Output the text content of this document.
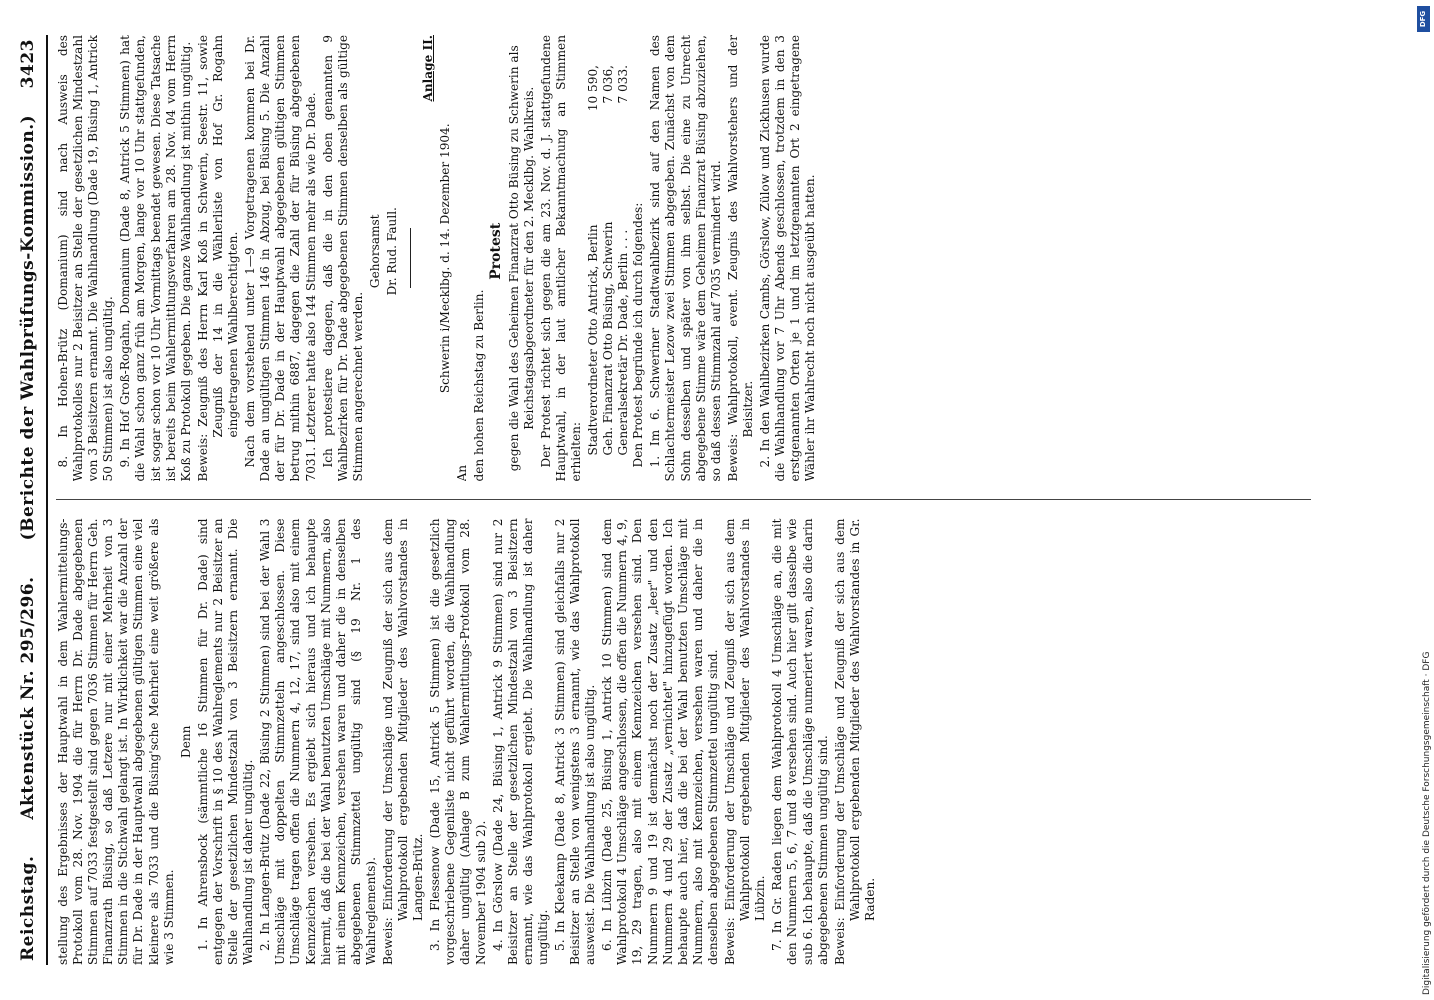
Reichstag.
Aktenstück Nr. 295/296.
(Berichte der Wahlprüfungs-Kommission.)
3423

stellung des Ergebnisses der Hauptwahl in dem Wahlermittelungs-Protokoll vom 28. Nov. 1904 die für Herrn Dr. Dade abgegebenen Stimmen auf 7033 festgestellt sind gegen 7036 Stimmen für Herrn Geh. Finanzrath Büsing, so daß Letzere nur mit einer Mehrheit von 3 Stimmen in die Stichwahl gelangt ist. In Wirklichkeit war die Anzahl der für Dr. Dade in der Hauptwahl abgegebenen gültigen Stimmen eine viel kleinere als 7033 und die Büsing'sche Mehrheit eine weit größere als wie 3 Stimmen.

Denn 1. In Ahrensbock (sämmtliche 16 Stimmen für Dr. Dade) sind entgegen der Vorschrift in § 10 des Wahlreglements nur 2 Beisitzer an Stelle der gesetzlichen Mindestzahl von 3 Beisitzern ernannt. Die Wahlhandlung ist daher ungültig. 2. In Langen-Brütz (Dade 22, Büsing 2 Stimmen) sind bei der Wahl 3 Umschläge mit doppelten Stimmzetteln angeschlossen. Diese Umschläge tragen offen die Nummern 4, 12, 17, sind also mit einem Kennzeichen versehen. Es ergiebt sich hieraus und ich behaupte hiermit, daß die bei der Wahl benutzten Umschläge mit Nummern, also mit einem Kennzeichen, versehen waren und daher die in denselben abgegebenen Stimmzettel ungültig sind (§ 19 Nr. 1 des Wahlreglements). Beweis: Einforderung der Umschläge und Zeugniß der sich aus dem Wahlprotokoll ergebenden Mitglieder des Wahlvorstandes in Langen-Brütz. 3. In Flessenow (Dade 15, Antrick 5 Stimmen) ist die gesetzlich vorgeschriebene Gegenliste nicht geführt worden, die Wahlhandlung daher ungültig (Anlage B zum Wahlermittlungs-Protokoll vom 28. November 1904 sub 2). 4. In Görslow (Dade 24, Büsing 1, Antrick 9 Stimmen) sind nur 2 Beisitzer an Stelle der gesetzlichen Mindestzahl von 3 Beisitzern ernannt, wie das Wahlprotokoll ergiebt. Die Wahlhandlung ist daher ungültig. 5. In Kleekamp (Dade 8, Antrick 3 Stimmen) sind gleichfalls nur 2 Beisitzer an Stelle von wenigstens 3 ernannt, wie das Wahlprotokoll ausweist. Die Wahlhandlung ist also ungültig. 6. In Lübzin (Dade 25, Büsing 1, Antrick 10 Stimmen) sind dem Wahlprotokoll 4 Umschläge angeschlossen, die offen die Nummern 4, 9, 19, 29 tragen, also mit einem Kennzeichen versehen sind. Den Nummern 9 und 19 ist demnächst noch der Zusatz „leer" und den Nummern 4 und 29 der Zusatz „vernichtet" hinzugefügt worden. Ich behaupte auch hier, daß die bei der Wahl benutzten Umschläge mit Nummern, also mit Kennzeichen, versehen waren und daher die in denselben abgegebenen Stimmzettel ungültig sind. Beweis: Einforderung der Umschläge und Zeugniß der sich aus dem Wahlprotokoll ergebenden Mitglieder des Wahlvorstandes in Lübzin. 7. In Gr. Raden liegen dem Wahlprotokoll 4 Umschläge an, die mit den Nummern 5, 6, 7 und 8 versehen sind. Auch hier gilt dasselbe wie sub 6. Ich behaupte, daß die Umschläge numeriert waren, also die darin abgegebenen Stimmen ungültig sind. Beweis: Einforderung der Umschläge und Zeugniß der sich aus dem Wahlprotokoll ergebenden Mitglieder des Wahlvorstandes in Gr. Raden.

8. In Hohen-Brütz (Domanium) sind nach Ausweis des Wahlprotokolles nur 2 Beisitzer an Stelle der gesetzlichen Mindestzahl von 3 Beisitzern ernannt. Die Wahlhandlung (Dade 19, Büsing 1, Antrick 50 Stimmen) ist also ungültig. 9. In Hof Groß-Rogahn, Domanium (Dade 8, Antrick 5 Stimmen) hat die Wahl schon ganz früh am Morgen, lange vor 10 Uhr stattgefunden, ist sogar schon vor 10 Uhr Vormittags beendet gewesen. Diese Tatsache ist bereits beim Wahlermittlungsverfahren am 28. Nov. 04 vom Herrn Koß zu Protokoll gegeben. Die ganze Wahlhandlung ist mithin ungültig. Beweis: Zeugniß des Herrn Karl Koß in Schwerin, Seestr. 11, sowie Zeugniß der 14 in die Wählerliste von Hof Gr. Rogahn eingetragenen Wahlberechtigten. Nach dem vorstehend unter 1—9 Vorgetragenen kommen bei Dr. Dade an ungültigen Stimmen 146 in Abzug, bei Büsing 5. Die Anzahl der für Dr. Dade in der Hauptwahl abgegebenen gültigen Stimmen betrug mithin 6887, dagegen die Zahl der für Büsing abgegebenen 7031. Letzterer hatte also 144 Stimmen mehr als wie Dr. Dade. Ich protestiere dagegen, daß die in den oben genannten 9 Wahlbezirken für Dr. Dade abgegebenen Stimmen denselben als gültige Stimmen angerechnet werden.

Gehorsamst Dr. Rud. Faull.

Anlage II.

Schwerin i/Mecklbg. d. 14. Dezember 1904.

An den hohen Reichstag zu Berlin.

Protest gegen die Wahl des Geheimen Finanzrat Otto Büsing zu Schwerin als Reichstagsabgeordneter für den 2. Mecklbg. Wahlkreis. Der Protest richtet sich gegen die am 23. Nov. d. J. stattgefundene Hauptwahl, in der laut amtlicher Bekanntmachung an Stimmen erhielten: Stadtverordneter Otto Antrick, Berlin
10 590,
Geh. Finanzrat Otto Büsing, Schwerin
7 036,
Generalsekretär Dr. Dade, Berlin . . .
7 033.

Den Protest begründe ich durch folgendes: 1. Im 6. Schweriner Stadtwahlbezirk sind auf den Namen des Schlachtermeister Lezow zwei Stimmen abgegeben. Zunächst von dem Sohn desselben und später von ihm selbst. Die eine zu Unrecht abgegebene Stimme wäre dem Geheimen Finanzrat Büsing abzuziehen, so daß dessen Stimmzahl auf 7035 vermindert wird. Beweis: Wahlprotokoll, event. Zeugnis des Wahlvorstehers und der Beisitzer. 2. In den Wahlbezirken Cambs, Görslow, Zülow und Zickhusen wurde die Wahlhandlung vor 7 Uhr Abends geschlossen, trotzdem in den 3 erstgenannten Orten je 1 und im letztgenannten Ort 2 eingetragene Wähler ihr Wahlrecht noch nicht ausgeübt hatten.

DFG
Digitalisierung gefördert durch die Deutsche Forschungsgemeinschaft · DFG
